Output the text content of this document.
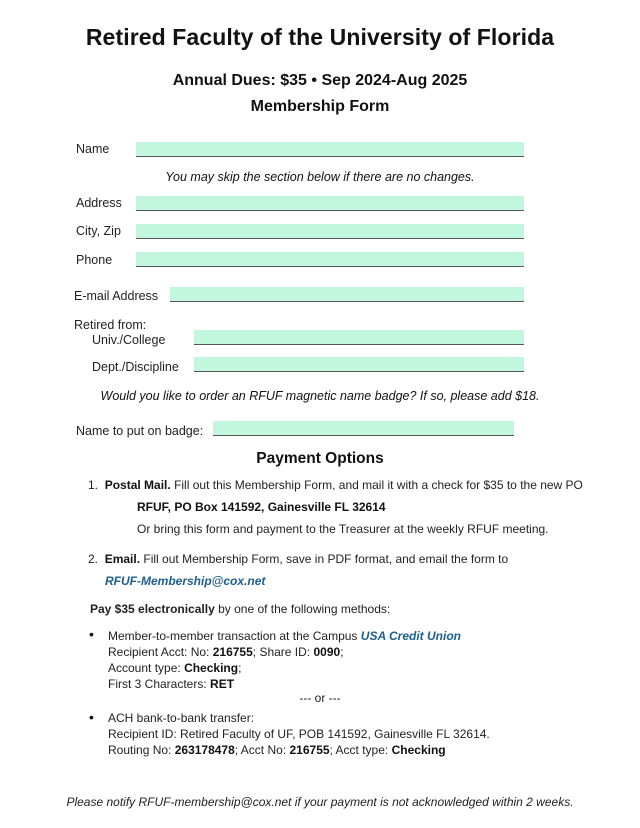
Retired Faculty of the University of Florida
Annual Dues: $35 • Sep 2024-Aug 2025
Membership Form
Name
You may skip the section below if there are no changes.
Address
City, Zip
Phone
E-mail Address
Retired from:
Univ./College
Dept./Discipline
Would you like to order an RFUF magnetic name badge? If so, please add $18.
Name to put on badge:
Payment Options
1. Postal Mail. Fill out this Membership Form, and mail it with a check for $35 to the new PO
RFUF, PO Box 141592, Gainesville FL 32614
Or bring this form and payment to the Treasurer at the weekly RFUF meeting.
2. Email. Fill out Membership Form, save in PDF format, and email the form to
RFUF-Membership@cox.net
Pay $35 electronically by one of the following methods:
• Member-to-member transaction at the Campus USA Credit Union
Recipient Acct: No: 216755; Share ID: 0090;
Account type: Checking;
First 3 Characters: RET
--- or ---
• ACH bank-to-bank transfer:
Recipient ID: Retired Faculty of UF, POB 141592, Gainesville FL 32614.
Routing No: 263178478; Acct No: 216755; Acct type: Checking
Please notify RFUF-membership@cox.net if your payment is not acknowledged within 2 weeks.
